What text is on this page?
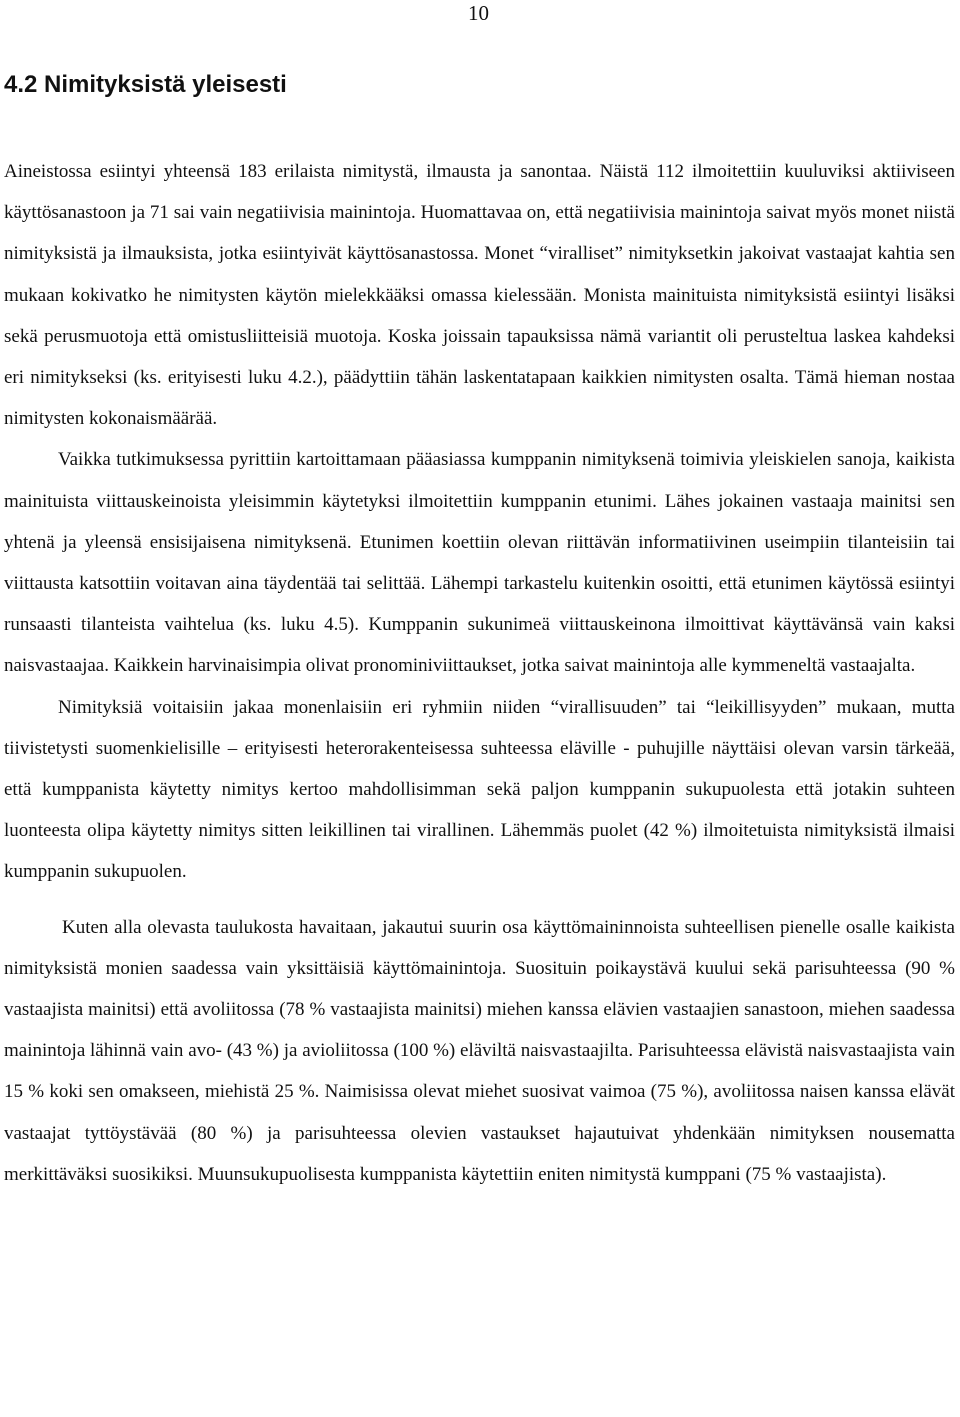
10
4.2 Nimityksistä yleisesti

Aineistossa esiintyi yhteensä 183 erilaista nimitystä, ilmausta ja sanontaa. Näistä 112 ilmoitettiin kuuluviksi aktiiviseen käyttösanastoon ja 71 sai vain negatiivisia mainintoja. Huomattavaa on, että negatiivisia mainintoja saivat myös monet niistä nimityksistä ja ilmauksista, jotka esiintyivät käyttösanastossa. Monet “viralliset” nimityksetkin jakoivat vastaajat kahtia sen mukaan kokivatko he nimitysten käytön mielekkääksi omassa kielessään. Monista mainituista nimityksistä esiintyi lisäksi sekä perusmuotoja että omistusliitteisiä muotoja. Koska joissain tapauksissa nämä variantit oli perusteltua laskea kahdeksi eri nimitykseksi (ks. erityisesti luku 4.2.), päädyttiin tähän laskentatapaan kaikkien nimitysten osalta. Tämä hieman nostaa nimitysten kokonaismäärää.

Vaikka tutkimuksessa pyrittiin kartoittamaan pääasiassa kumppanin nimityksenä toimivia yleiskielen sanoja, kaikista mainituista viittauskeinoista yleisimmin käytetyksi ilmoitettiin kumppanin etunimi. Lähes jokainen vastaaja mainitsi sen yhtenä ja yleensä ensisijaisena nimityksenä. Etunimen koettiin olevan riittävän informatiivinen useimpiin tilanteisiin tai viittausta katsottiin voitavan aina täydentää tai selittää. Lähempi tarkastelu kuitenkin osoitti, että etunimen käytössä esiintyi runsaasti tilanteista vaihtelua (ks. luku 4.5). Kumppanin sukunimeä viittauskeinona ilmoittivat käyttävänsä vain kaksi naisvastaajaa. Kaikkein harvinaisimpia olivat pronominiviittaukset, jotka saivat mainintoja alle kymmeneltä vastaajalta.

Nimityksiä voitaisiin jakaa monenlaisiin eri ryhmiin niiden “virallisuuden” tai “leikillisyyden” mukaan, mutta tiivistetysti suomenkielisille – erityisesti heterorakenteisessa suhteessa eläville - puhujille näyttäisi olevan varsin tärkeää, että kumppanista käytetty nimitys kertoo mahdollisimman sekä paljon kumppanin sukupuolesta että jotakin suhteen luonteesta olipa käytetty nimitys sitten leikillinen tai virallinen. Lähemmäs puolet (42 %) ilmoitetuista nimityksistä ilmaisi kumppanin sukupuolen.

Kuten alla olevasta taulukosta havaitaan, jakautui suurin osa käyttömaininnoista suhteellisen pienelle osalle kaikista nimityksistä monien saadessa vain yksittäisiä käyttömainintoja. Suosituin poikaystävä kuului sekä parisuhteessa (90 % vastaajista mainitsi) että avoliitossa (78 % vastaajista mainitsi) miehen kanssa elävien vastaajien sanastoon, miehen saadessa mainintoja lähinnä vain avo- (43 %) ja avioliitossa (100 %) eläviltä naisvastaajilta. Parisuhteessa elävistä naisvastaajista vain 15 % koki sen omakseen, miehistä 25 %. Naimisissa olevat miehet suosivat vaimoa (75 %), avoliitossa naisen kanssa elävät vastaajat tyttöystävää (80 %) ja parisuhteessa olevien vastaukset hajautuivat yhdenkään nimityksen nousematta merkittäväksi suosikiksi. Muunsukupuolisesta kumppanista käytettiin eniten nimitystä kumppani (75 % vastaajista).
